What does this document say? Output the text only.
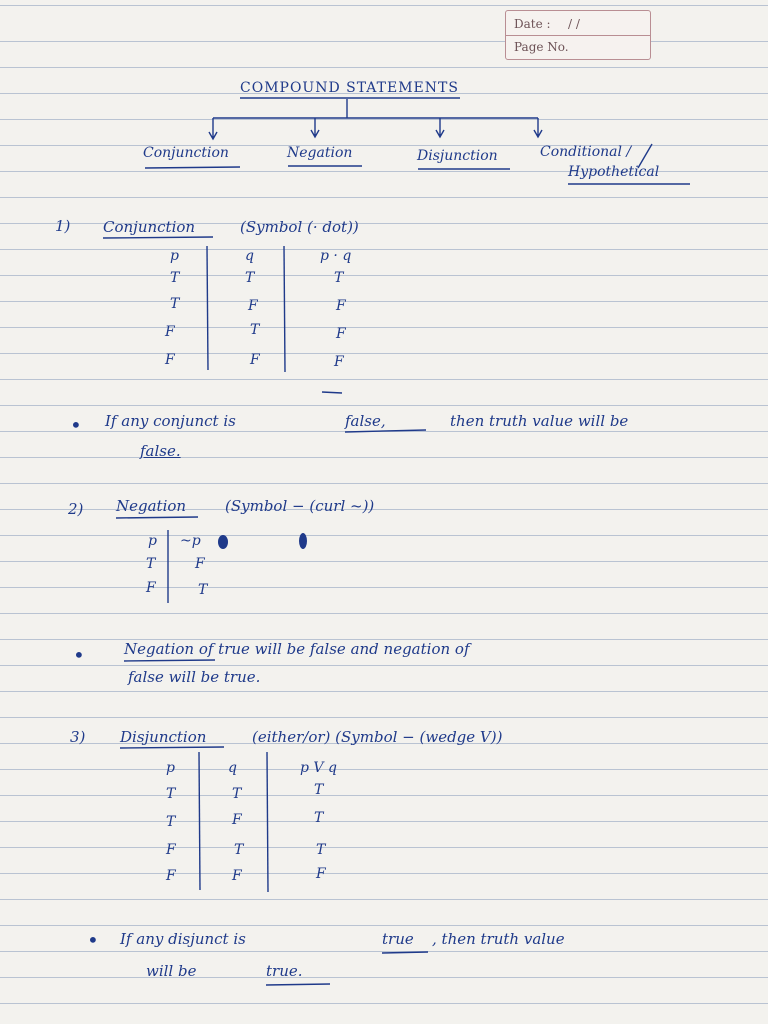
Date : / /
Page No.
COMPOUND STATEMENTS
Conjunction	Negation	Disjunction	Conditional /
Hypothetical
1) Conjunction	(Symbol (· dot))
p	q	p · q
T	T	T
T	F	F
F	T	F
F	F	F
• If any conjunct is	false,	then truth value will be
false.
2) Negation	(Symbol − (curl ~))
p ~p
T	F
F	T
•	Negation of true will be false and negation of
false will be true.
3) Disjunction	(either/or) (Symbol − (wedge V))
p	q	p V q
T	T	T
T	F	T
F	T	T
F	F	F
• If any disjunct is	true , then truth value
will be	true.
